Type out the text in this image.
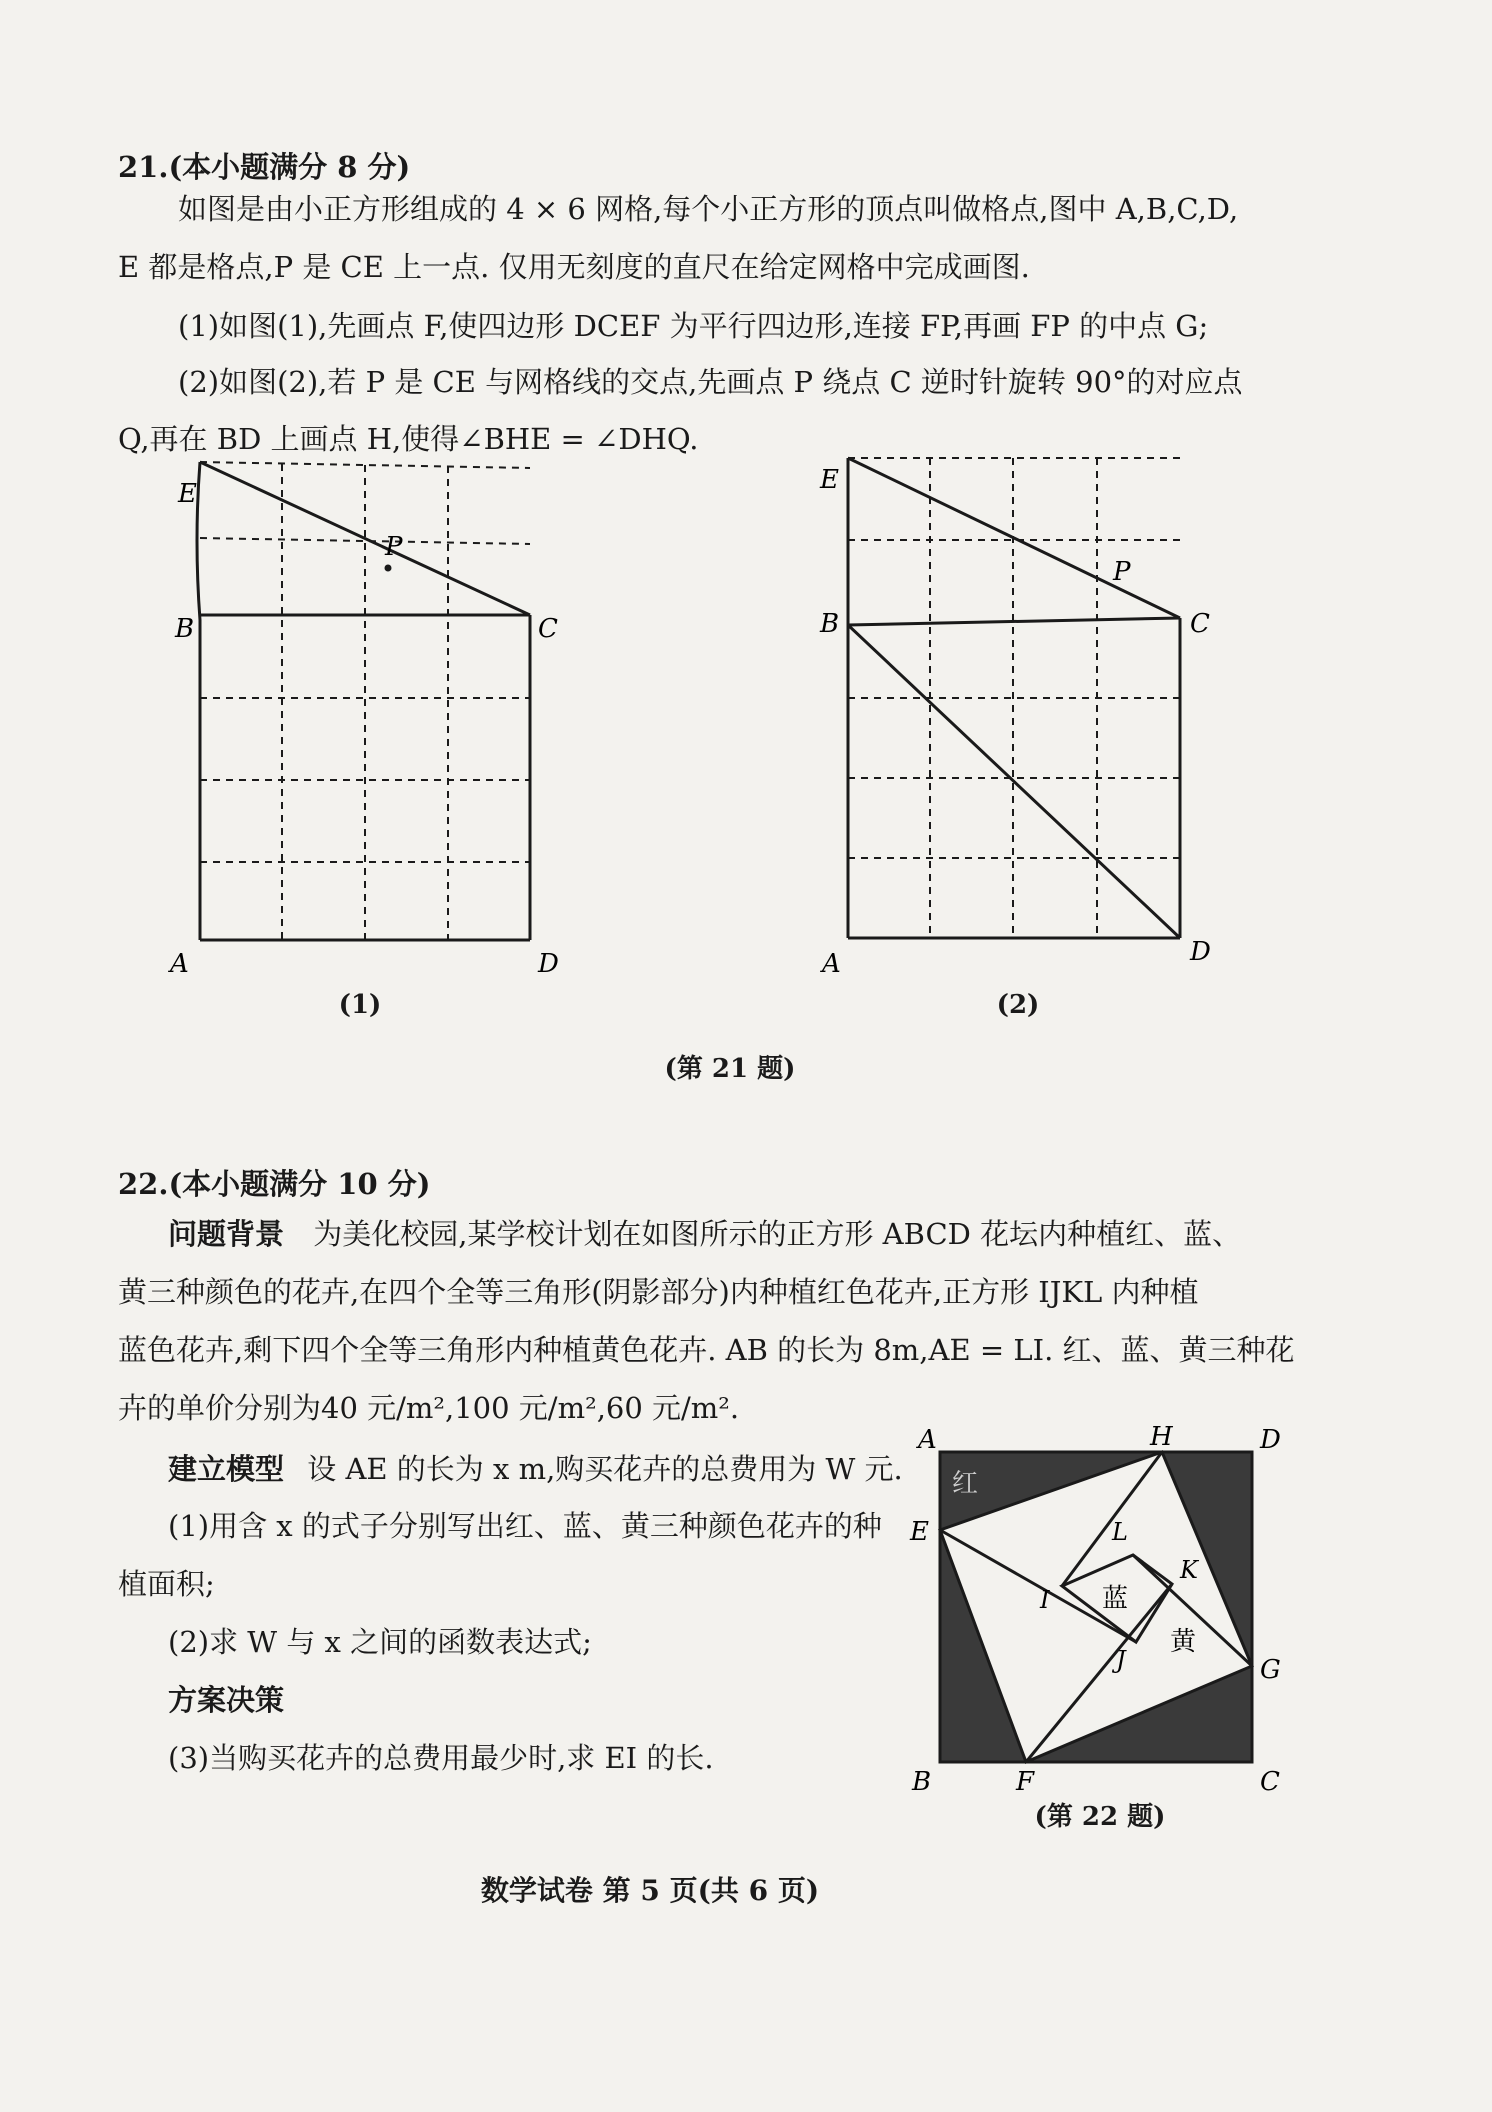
21.(本小题满分 8 分)
如图是由小正方形组成的 4 × 6 网格,每个小正方形的顶点叫做格点,图中 A,B,C,D,
E 都是格点,P 是 CE 上一点. 仅用无刻度的直尺在给定网格中完成画图.
(1)如图(1),先画点 F,使四边形 DCEF 为平行四边形,连接 FP,再画 FP 的中点 G;
(2)如图(2),若 P 是 CE 与网格线的交点,先画点 P 绕点 C 逆时针旋转 90°的对应点
Q,再在 BD 上画点 H,使得∠BHE = ∠DHQ.
E
B	C
P
A	D
E
B	C
P
A	D
(1)	(2)
(第 21 题)
22.(本小题满分 10 分)
问题背景 为美化校园,某学校计划在如图所示的正方形 ABCD 花坛内种植红、蓝、
黄三种颜色的花卉,在四个全等三角形(阴影部分)内种植红色花卉,正方形 IJKL 内种植
蓝色花卉,剩下四个全等三角形内种植黄色花卉. AB 的长为 8m,AE = LI. 红、蓝、黄三种花
卉的单价分别为40 元/m²,100 元/m²,60 元/m².
建立模型 设 AE 的长为 x m,购买花卉的总费用为 W 元.
(1)用含 x 的式子分别写出红、蓝、黄三种颜色花卉的种
植面积;
(2)求 W 与 x 之间的函数表达式;
方案决策
(3)当购买花卉的总费用最少时,求 EI 的长.
A	H	D
E
G
B	F	C
L
K
I
J
红
蓝
黄
(第 22 题)
数学试卷 第 5 页(共 6 页)
